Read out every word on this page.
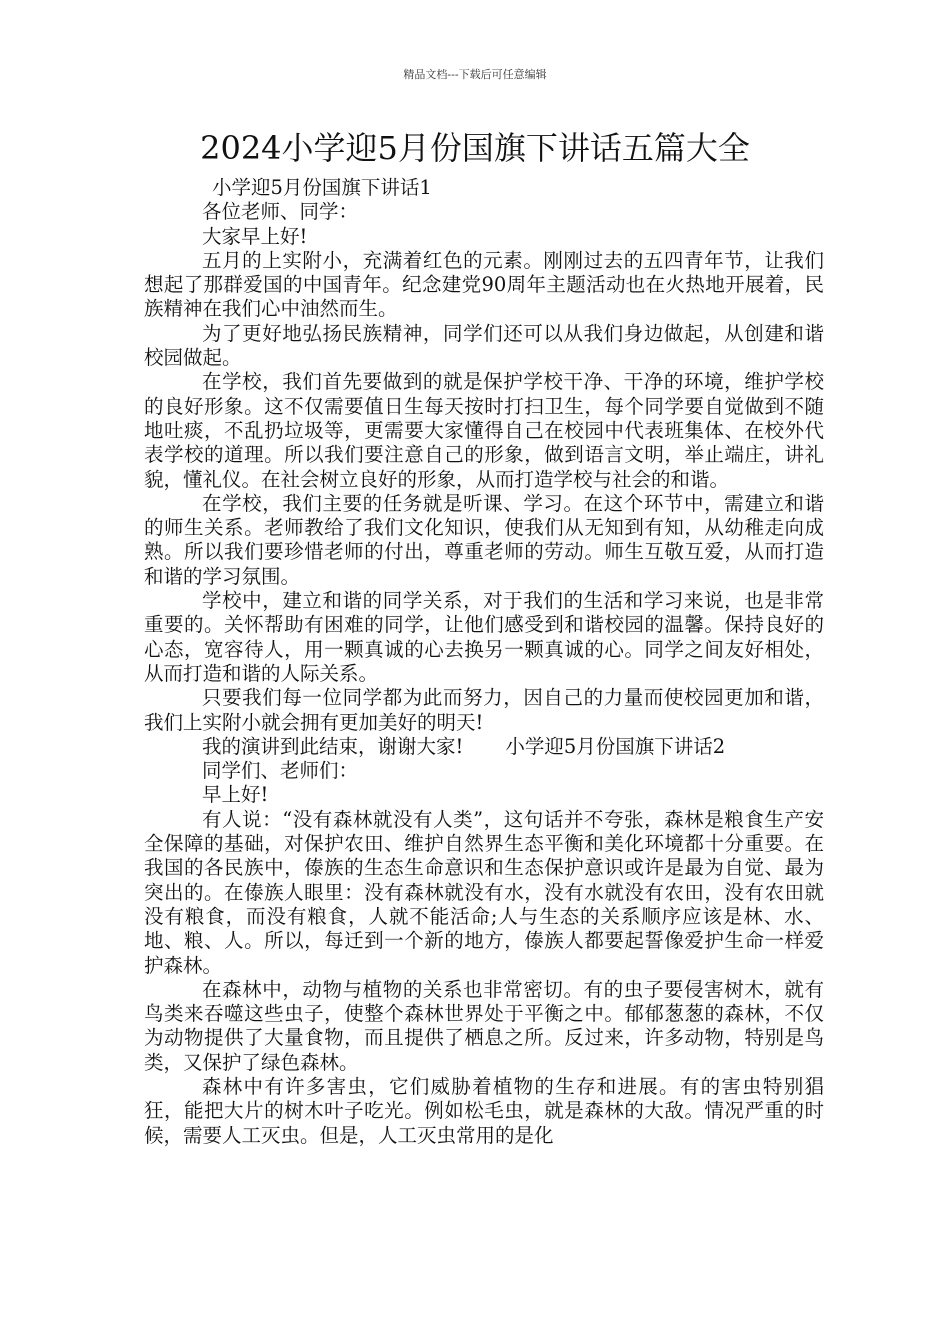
精品文档---下载后可任意编辑
2024小学迎5月份国旗下讲话五篇大全

小学迎5月份国旗下讲话1

各位老师、同学：

大家早上好!

五月的上实附小，充满着红色的元素。刚刚过去的五四青年节，让我们想起了那群爱国的中国青年。纪念建党90周年主题活动也在火热地开展着，民族精神在我们心中油然而生。

为了更好地弘扬民族精神，同学们还可以从我们身边做起，从创建和谐校园做起。

在学校，我们首先要做到的就是保护学校干净、干净的环境，维护学校的良好形象。这不仅需要值日生每天按时打扫卫生，每个同学要自觉做到不随地吐痰，不乱扔垃圾等，更需要大家懂得自己在校园中代表班集体、在校外代表学校的道理。所以我们要注意自己的形象，做到语言文明，举止端庄，讲礼貌，懂礼仪。在社会树立良好的形象，从而打造学校与社会的和谐。

在学校，我们主要的任务就是听课、学习。在这个环节中，需建立和谐的师生关系。老师教给了我们文化知识，使我们从无知到有知，从幼稚走向成熟。所以我们要珍惜老师的付出，尊重老师的劳动。师生互敬互爱，从而打造和谐的学习氛围。

学校中，建立和谐的同学关系，对于我们的生活和学习来说，也是非常重要的。关怀帮助有困难的同学，让他们感受到和谐校园的温馨。保持良好的心态，宽容待人，用一颗真诚的心去换另一颗真诚的心。同学之间友好相处，从而打造和谐的人际关系。

只要我们每一位同学都为此而努力，因自己的力量而使校园更加和谐，我们上实附小就会拥有更加美好的明天!

我的演讲到此结束，谢谢大家! 小学迎5月份国旗下讲话2

同学们、老师们：

早上好!

有人说：“没有森林就没有人类”，这句话并不夸张，森林是粮食生产安全保障的基础，对保护农田、维护自然界生态平衡和美化环境都十分重要。在我国的各民族中，傣族的生态生命意识和生态保护意识或许是最为自觉、最为突出的。在傣族人眼里：没有森林就没有水，没有水就没有农田，没有农田就没有粮食，而没有粮食，人就不能活命;人与生态的关系顺序应该是林、水、地、粮、人。所以，每迁到一个新的地方，傣族人都要起誓像爱护生命一样爱护森林。

在森林中，动物与植物的关系也非常密切。有的虫子要侵害树木，就有鸟类来吞噬这些虫子，使整个森林世界处于平衡之中。郁郁葱葱的森林，不仅为动物提供了大量食物，而且提供了栖息之所。反过来，许多动物，特别是鸟类，又保护了绿色森林。

森林中有许多害虫，它们威胁着植物的生存和进展。有的害虫特别猖狂，能把大片的树木叶子吃光。例如松毛虫，就是森林的大敌。情况严重的时候，需要人工灭虫。但是，人工灭虫常用的是化
